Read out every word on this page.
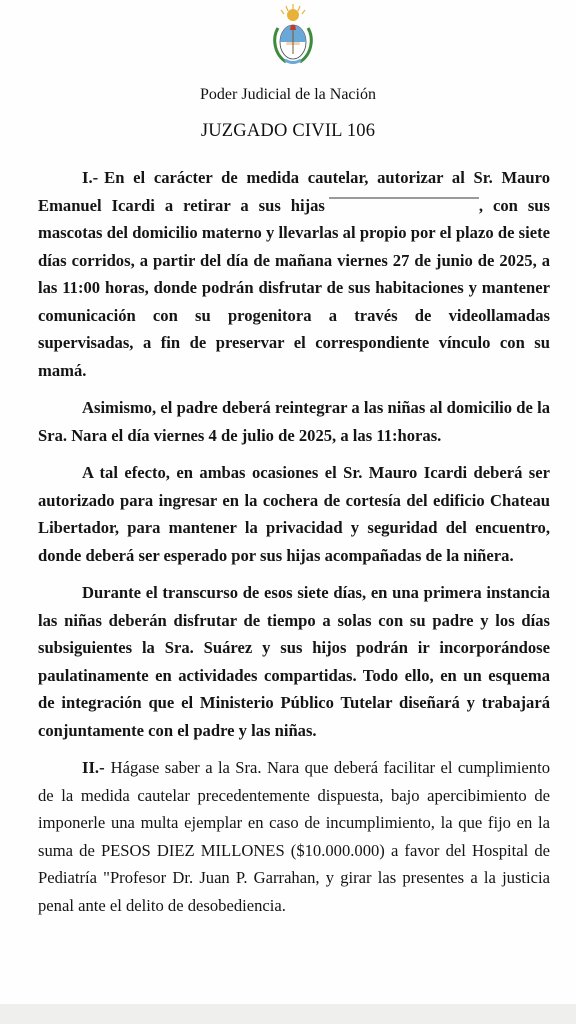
Poder Judicial de la Nación
JUZGADO CIVIL 106

I.- En el carácter de medida cautelar, autorizar al Sr. Mauro Emanuel Icardi a retirar a sus hijas	, con sus mascotas del domicilio materno y llevarlas al propio por el plazo de siete días corridos, a partir del día de mañana viernes 27 de junio de 2025, a las 11:00 horas, donde podrán disfrutar de sus habitaciones y mantener comunicación con su progenitora a través de videollamadas supervisadas, a fin de preservar el correspondiente vínculo con su mamá.

Asimismo, el padre deberá reintegrar a las niñas al domicilio de la Sra. Nara el día viernes 4 de julio de 2025, a las 11:horas.

A tal efecto, en ambas ocasiones el Sr. Mauro Icardi deberá ser autorizado para ingresar en la cochera de cortesía del edificio Chateau Libertador, para mantener la privacidad y seguridad del encuentro, donde deberá ser esperado por sus hijas acompañadas de la niñera.

Durante el transcurso de esos siete días, en una primera instancia las niñas deberán disfrutar de tiempo a solas con su padre y los días subsiguientes la Sra. Suárez y sus hijos podrán ir incorporándose paulatinamente en actividades compartidas. Todo ello, en un esquema de integración que el Ministerio Público Tutelar diseñará y trabajará conjuntamente con el padre y las niñas.

II.- Hágase saber a la Sra. Nara que deberá facilitar el cumplimiento de la medida cautelar precedentemente dispuesta, bajo apercibimiento de imponerle una multa ejemplar en caso de incumplimiento, la que fijo en la suma de PESOS DIEZ MILLONES ($10.000.000) a favor del Hospital de Pediatría "Profesor Dr. Juan P. Garrahan, y girar las presentes a la justicia penal ante el delito de desobediencia.
